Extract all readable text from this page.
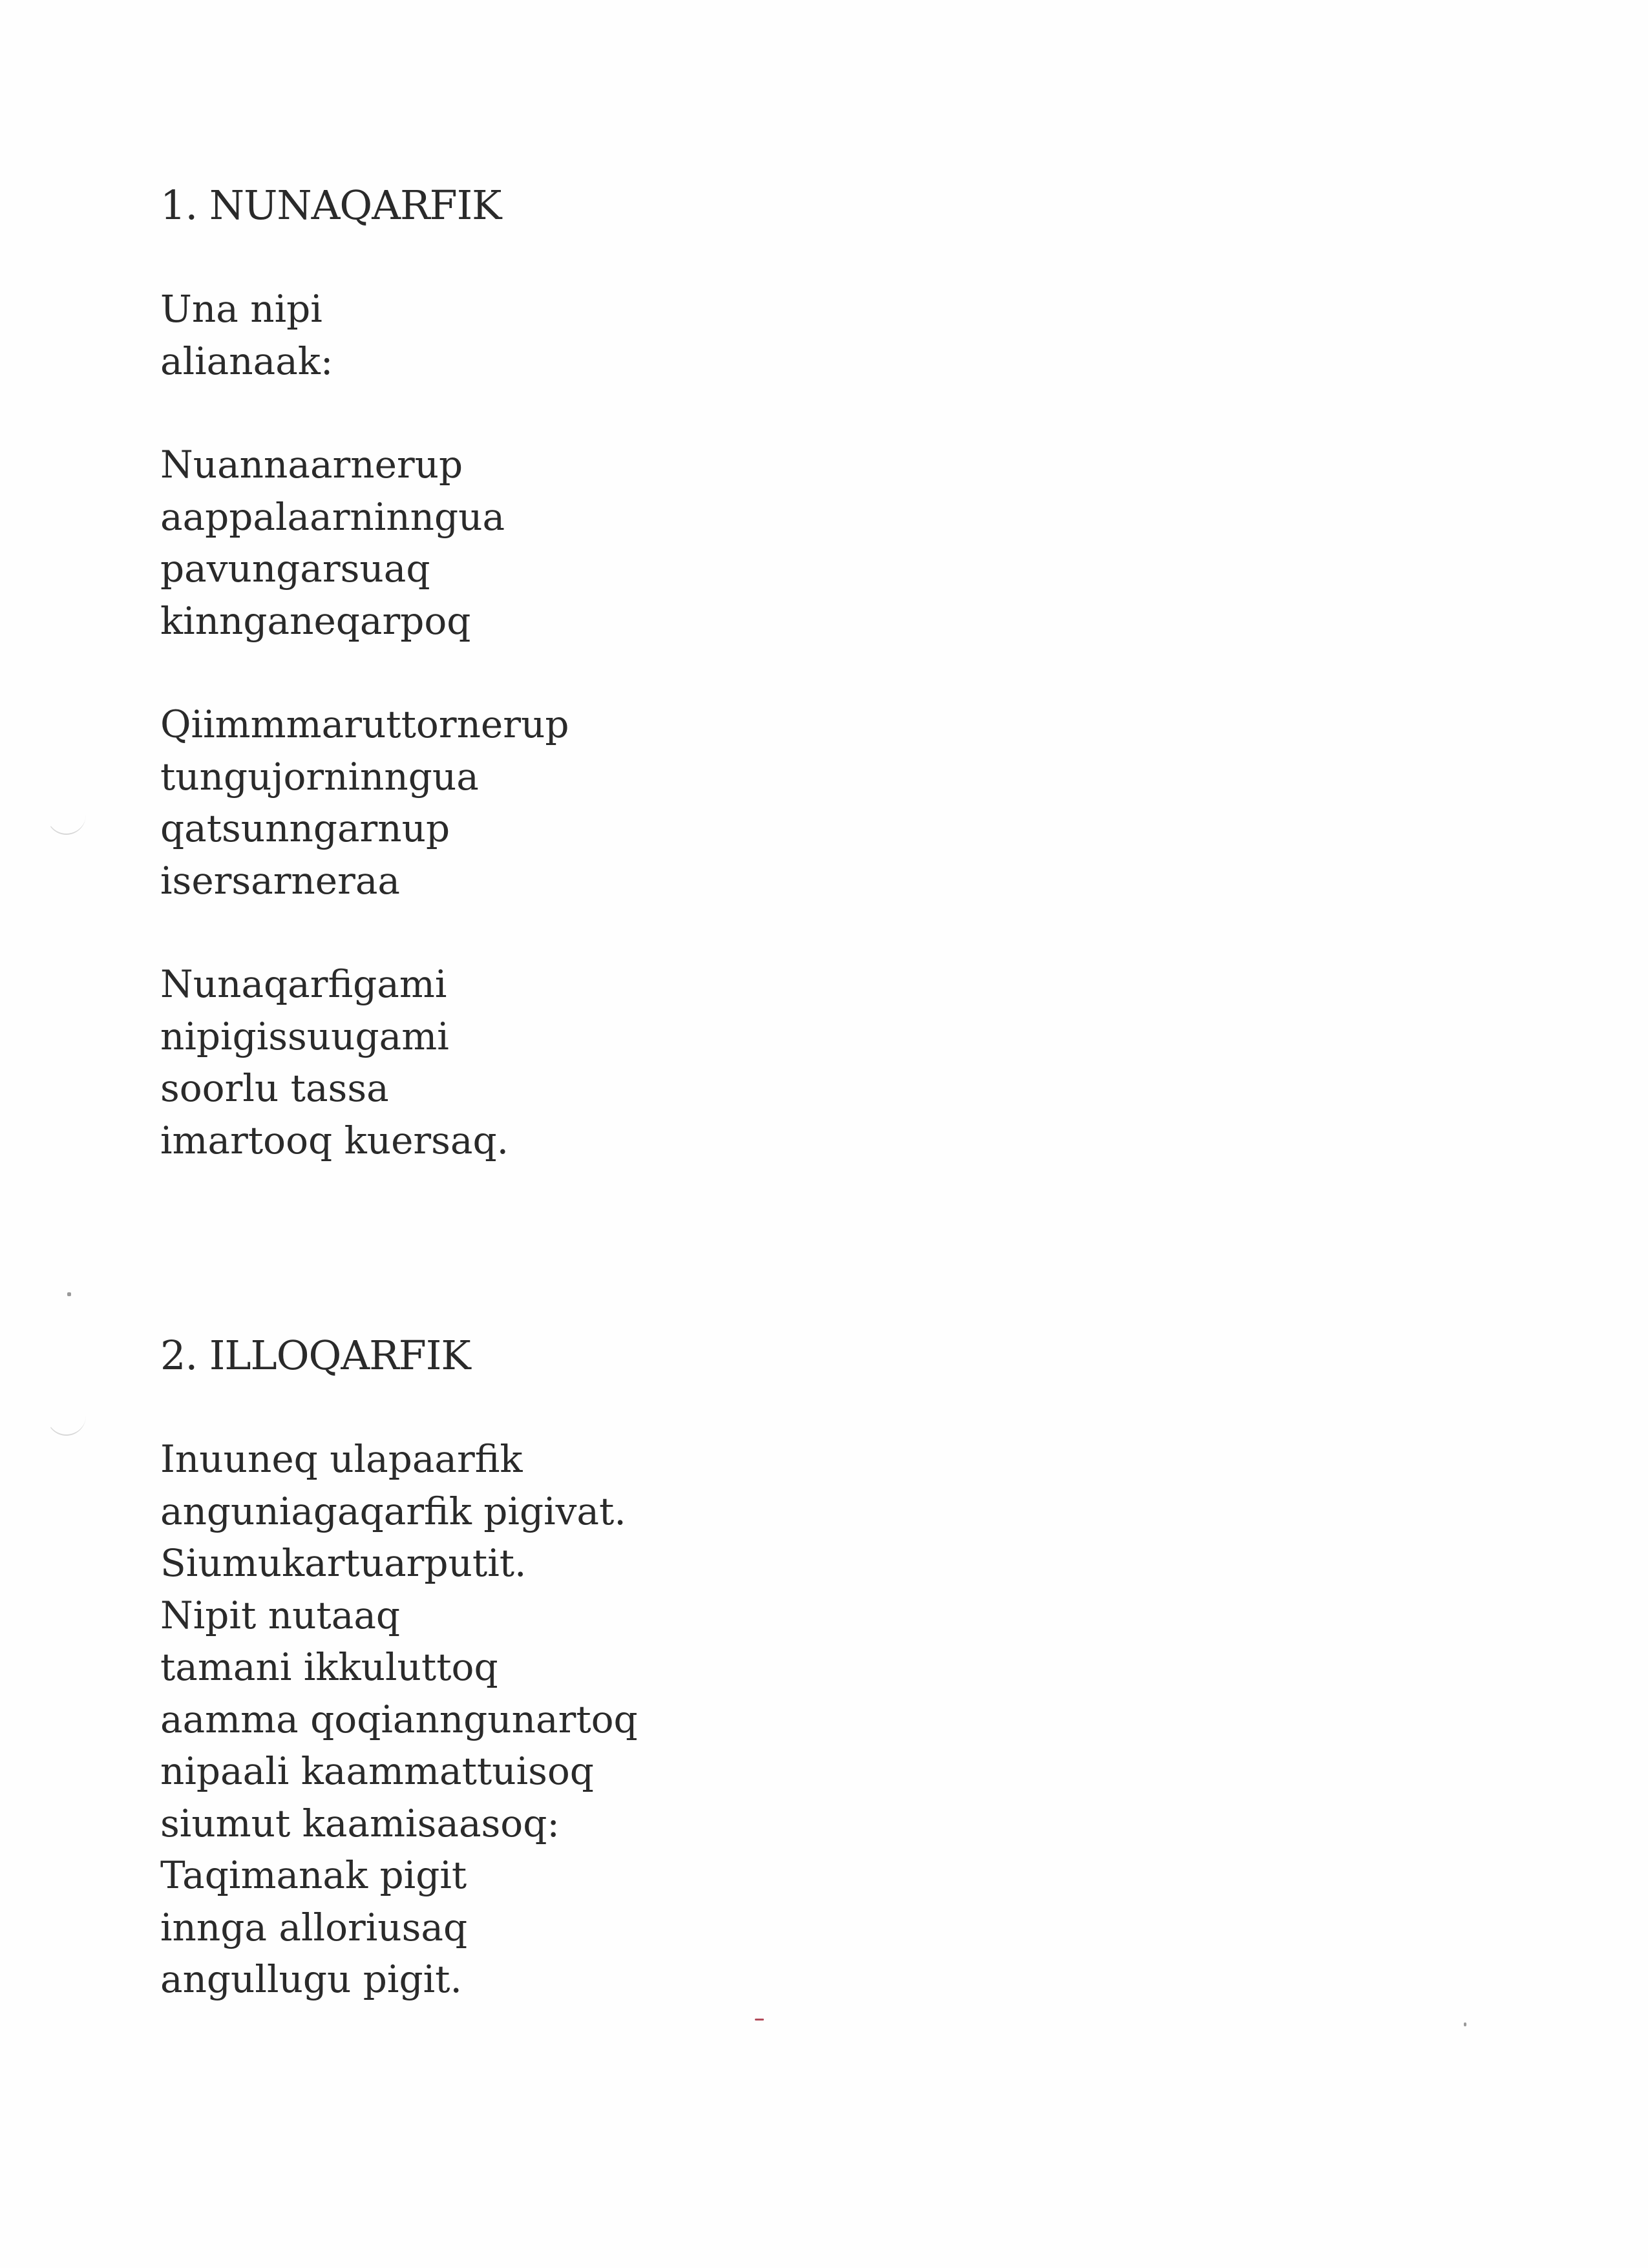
1. NUNAQARFIK
Una nipi
alianaak:
Nuannaarnerup
aappalaarninngua
pavungarsuaq
kinnganeqarpoq
Qiimmmaruttornerup
tungujorninngua
qatsunngarnup
isersarneraa
Nunaqarfigami
nipigissuugami
soorlu tassa
imartooq kuersaq.
2. ILLOQARFIK
Inuuneq ulapaarfik
anguniagaqarfik pigivat.
Siumukartuarputit.
Nipit nutaaq
tamani ikkuluttoq
aamma qoqianngunartoq
nipaali kaammattuisoq
siumut kaamisaasoq:
Taqimanak pigit
innga alloriusaq
angullugu pigit.
